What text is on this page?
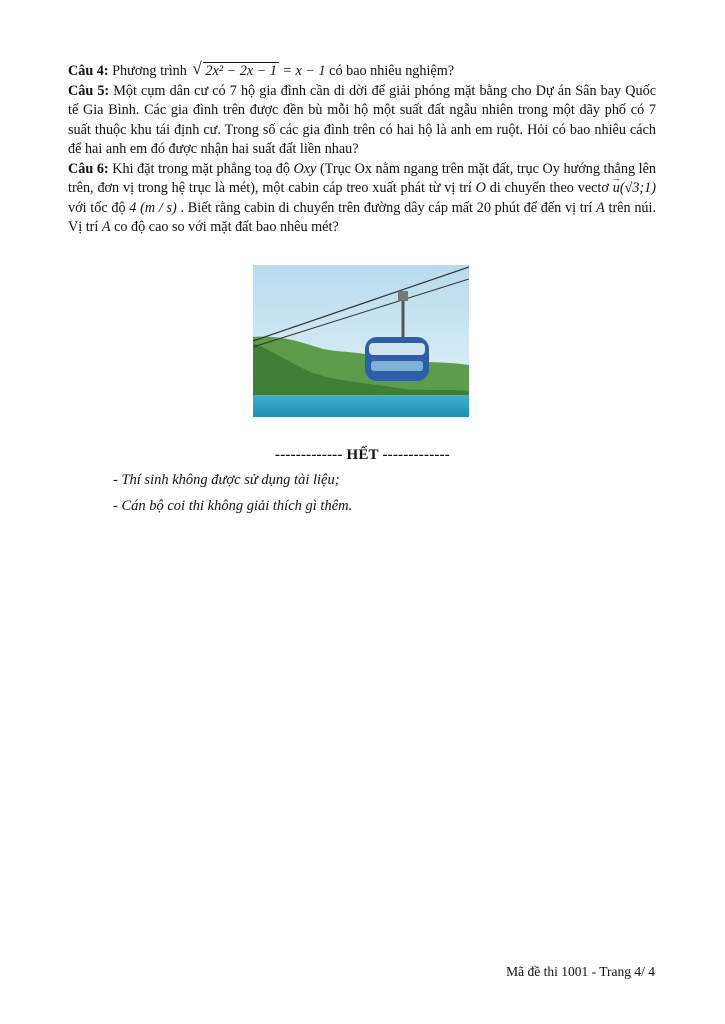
Câu 4: Phương trình √ 2x² − 2x − 1 = x − 1 có bao nhiêu nghiệm?

Câu 5: Một cụm dân cư có 7 hộ gia đình cần di dời để giải phóng mặt bằng cho Dự án Sân bay Quốc tế Gia Bình. Các gia đình trên được đền bù mỗi hộ một suất đất ngẫu nhiên trong một dãy phố có 7 suất thuộc khu tái định cư. Trong số các gia đình trên có hai hộ là anh em ruột. Hỏi có bao nhiêu cách để hai anh em đó được nhận hai suất đất liền nhau?

Câu 6: Khi đặt trong mặt phẳng toạ độ Oxy (Trục Ox nằm ngang trên mặt đất, trục Oy hướng thẳng lên trên, đơn vị trong hệ trục là mét), một cabin cáp treo xuất phát từ vị trí O di chuyển theo vectơ → u(√3;1) với tốc độ 4 (m / s) . Biết rằng cabin di chuyển trên đường dây cáp mất 20 phút để đến vị trí A trên núi. Vị trí A co độ cao so với mặt đất bao nhêu mét?

------------- HẾT -------------
- Thí sinh không được sử dụng tài liệu;
- Cán bộ coi thi không giải thích gì thêm.
Mã đề thi 1001 - Trang 4/ 4
